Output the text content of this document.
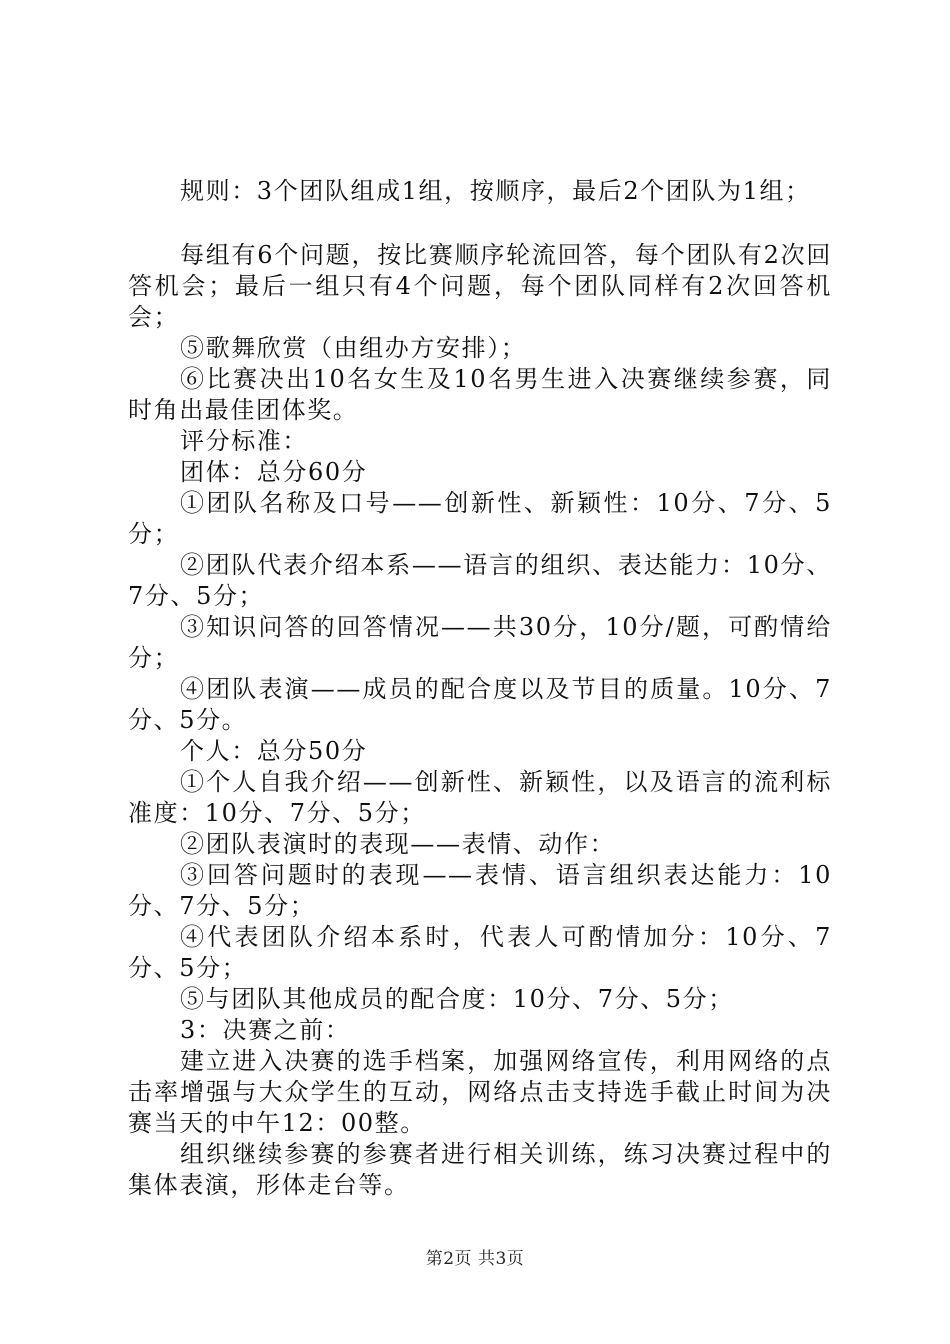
规则：3个团队组成1组，按顺序，最后2个团队为1组；

每组有6个问题，按比赛顺序轮流回答，每个团队有2次回答机会；最后一组只有4个问题，每个团队同样有2次回答机会；

⑤歌舞欣赏（由组办方安排）；

⑥比赛决出10名女生及10名男生进入决赛继续参赛，同时角出最佳团体奖。

评分标准：

团体：总分60分

①团队名称及口号——创新性、新颖性：10分、7分、5分；

②团队代表介绍本系——语言的组织、表达能力：10分、7分、5分；

③知识问答的回答情况——共30分，10分/题，可酌情给分；

④团队表演——成员的配合度以及节目的质量。10分、7分、5分。

个人：总分50分

①个人自我介绍——创新性、新颖性，以及语言的流利标准度：10分、7分、5分；

②团队表演时的表现——表情、动作：

③回答问题时的表现——表情、语言组织表达能力：10分、7分、5分；

④代表团队介绍本系时，代表人可酌情加分：10分、7分、5分；

⑤与团队其他成员的配合度：10分、7分、5分；

3：决赛之前：

建立进入决赛的选手档案，加强网络宣传，利用网络的点击率增强与大众学生的互动，网络点击支持选手截止时间为决赛当天的中午12：00整。

组织继续参赛的参赛者进行相关训练，练习决赛过程中的集体表演，形体走台等。

第2页 共3页
